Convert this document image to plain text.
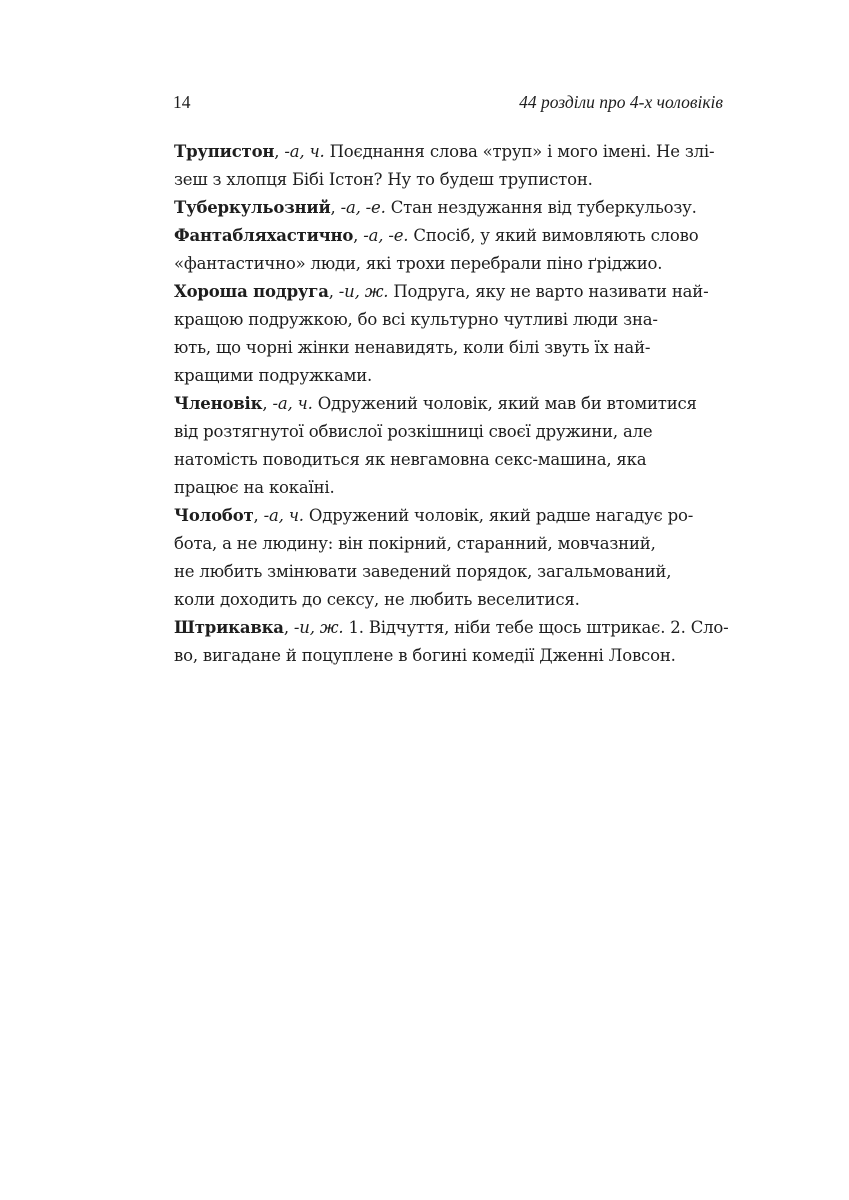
14	44 розділи про 4-х чоловіків
Трупистон, -а, ч. Поєднання слова «труп» і мого імені. Не злі-
зеш з хлопця Бібі Істон? Ну то будеш трупистон.
Туберкульозний, -а, -е. Стан нездужання від туберкульозу.
Фантабляхастично, -а, -е. Спосіб, у який вимовляють слово
«фантастично» люди, які трохи перебрали піно ґріджио.
Хороша подруга, -и, ж. Подруга, яку не варто називати най-
кращою подружкою, бо всі культурно чутливі люди зна-
ють, що чорні жінки ненавидять, коли білі звуть їх най-
кращими подружками.
Членовік, -а, ч. Одружений чоловік, який мав би втомитися
від розтягнутої обвислої розкішниці своєї дружини, але
натомість поводиться як невгамовна секс-машина, яка
працює на кокаїні.
Чолобот, -а, ч. Одружений чоловік, який радше нагадує ро-
бота, а не людину: він покірний, старанний, мовчазний,
не любить змінювати заведений порядок, загальмований,
коли доходить до сексу, не любить веселитися.
Штрикавка, -и, ж. 1. Відчуття, ніби тебе щось штрикає. 2. Сло-
во, вигадане й поцуплене в богині комедії Дженні Ловсон.
